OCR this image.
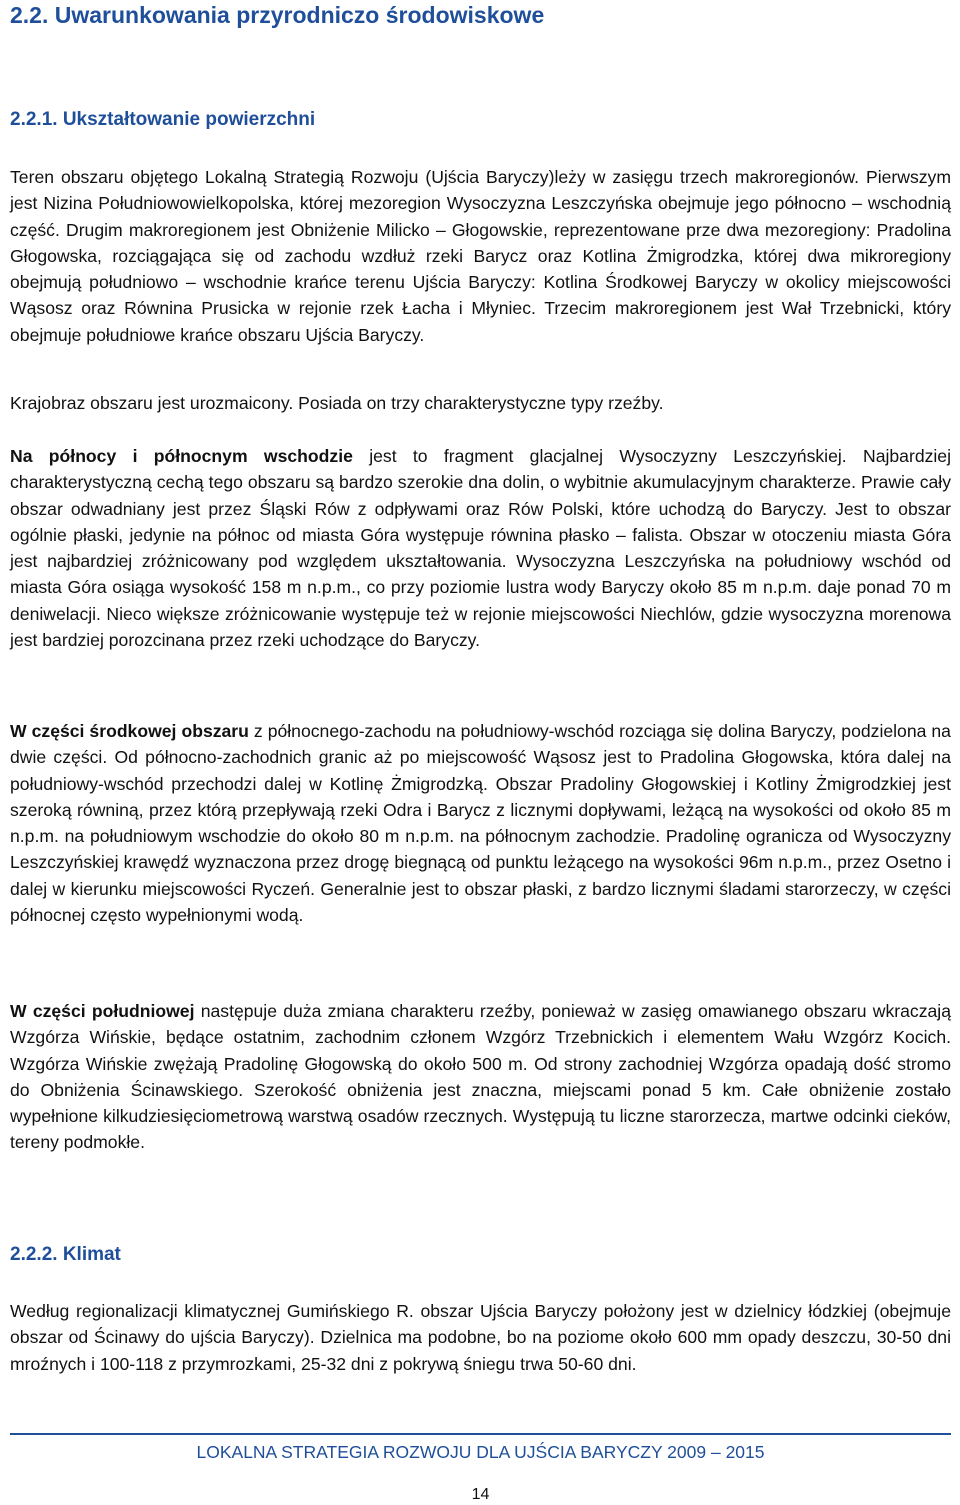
2.2. Uwarunkowania przyrodniczo środowiskowe
2.2.1. Ukształtowanie powierzchni

Teren obszaru objętego Lokalną Strategią Rozwoju (Ujścia Baryczy)leży w zasięgu trzech makroregionów. Pierwszym jest Nizina Południowowielkopolska, której mezoregion Wysoczyzna Leszczyńska obejmuje jego północno – wschodnią część. Drugim makroregionem jest Obniżenie Milicko – Głogowskie, reprezentowane prze dwa mezoregiony: Pradolina Głogowska, rozciągająca się od zachodu wzdłuż rzeki Barycz oraz Kotlina Żmigrodzka, której dwa mikroregiony obejmują południowo – wschodnie krańce terenu Ujścia Baryczy: Kotlina Środkowej Baryczy w okolicy miejscowości Wąsosz oraz Równina Prusicka w rejonie rzek Łacha i Młyniec. Trzecim makroregionem jest Wał Trzebnicki, który obejmuje południowe krańce obszaru Ujścia Baryczy.

Krajobraz obszaru jest urozmaicony. Posiada on trzy charakterystyczne typy rzeźby.

Na północy i północnym wschodzie jest to fragment glacjalnej Wysoczyzny Leszczyńskiej. Najbardziej charakterystyczną cechą tego obszaru są bardzo szerokie dna dolin, o wybitnie akumulacyjnym charakterze. Prawie cały obszar odwadniany jest przez Śląski Rów z odpływami oraz Rów Polski, które uchodzą do Baryczy. Jest to obszar ogólnie płaski, jedynie na północ od miasta Góra występuje równina płasko – falista. Obszar w otoczeniu miasta Góra jest najbardziej zróżnicowany pod względem ukształtowania. Wysoczyzna Leszczyńska na południowy wschód od miasta Góra osiąga wysokość 158 m n.p.m., co przy poziomie lustra wody Baryczy około 85 m n.p.m. daje ponad 70 m deniwelacji. Nieco większe zróżnicowanie występuje też w rejonie miejscowości Niechlów, gdzie wysoczyzna morenowa jest bardziej porozcinana przez rzeki uchodzące do Baryczy.

W części środkowej obszaru z północnego-zachodu na południowy-wschód rozciąga się dolina Baryczy, podzielona na dwie części. Od północno-zachodnich granic aż po miejscowość Wąsosz jest to Pradolina Głogowska, która dalej na południowy-wschód przechodzi dalej w Kotlinę Żmigrodzką. Obszar Pradoliny Głogowskiej i Kotliny Żmigrodzkiej jest szeroką równiną, przez którą przepływają rzeki Odra i Barycz z licznymi dopływami, leżącą na wysokości od około 85 m n.p.m. na południowym wschodzie do około 80 m n.p.m. na północnym zachodzie. Pradolinę ogranicza od Wysoczyzny Leszczyńskiej krawędź wyznaczona przez drogę biegnącą od punktu leżącego na wysokości 96m n.p.m., przez Osetno i dalej w kierunku miejscowości Ryczeń. Generalnie jest to obszar płaski, z bardzo licznymi śladami starorzeczy, w części północnej często wypełnionymi wodą.

W części południowej następuje duża zmiana charakteru rzeźby, ponieważ w zasięg omawianego obszaru wkraczają Wzgórza Wińskie, będące ostatnim, zachodnim członem Wzgórz Trzebnickich i elementem Wału Wzgórz Kocich. Wzgórza Wińskie zwężają Pradolinę Głogowską do około 500 m. Od strony zachodniej Wzgórza opadają dość stromo do Obniżenia Ścinawskiego. Szerokość obniżenia jest znaczna, miejscami ponad 5 km. Całe obniżenie zostało wypełnione kilkudziesięciometrową warstwą osadów rzecznych. Występują tu liczne starorzecza, martwe odcinki cieków, tereny podmokłe.

2.2.2. Klimat

Według regionalizacji klimatycznej Gumińskiego R. obszar Ujścia Baryczy położony jest w dzielnicy łódzkiej (obejmuje obszar od Ścinawy do ujścia Baryczy). Dzielnica ma podobne, bo na poziome około 600 mm opady deszczu, 30-50 dni mroźnych i 100-118 z przymrozkami, 25-32 dni z pokrywą śniegu trwa 50-60 dni.

LOKALNA STRATEGIA ROZWOJU DLA UJŚCIA BARYCZY 2009 – 2015
14
